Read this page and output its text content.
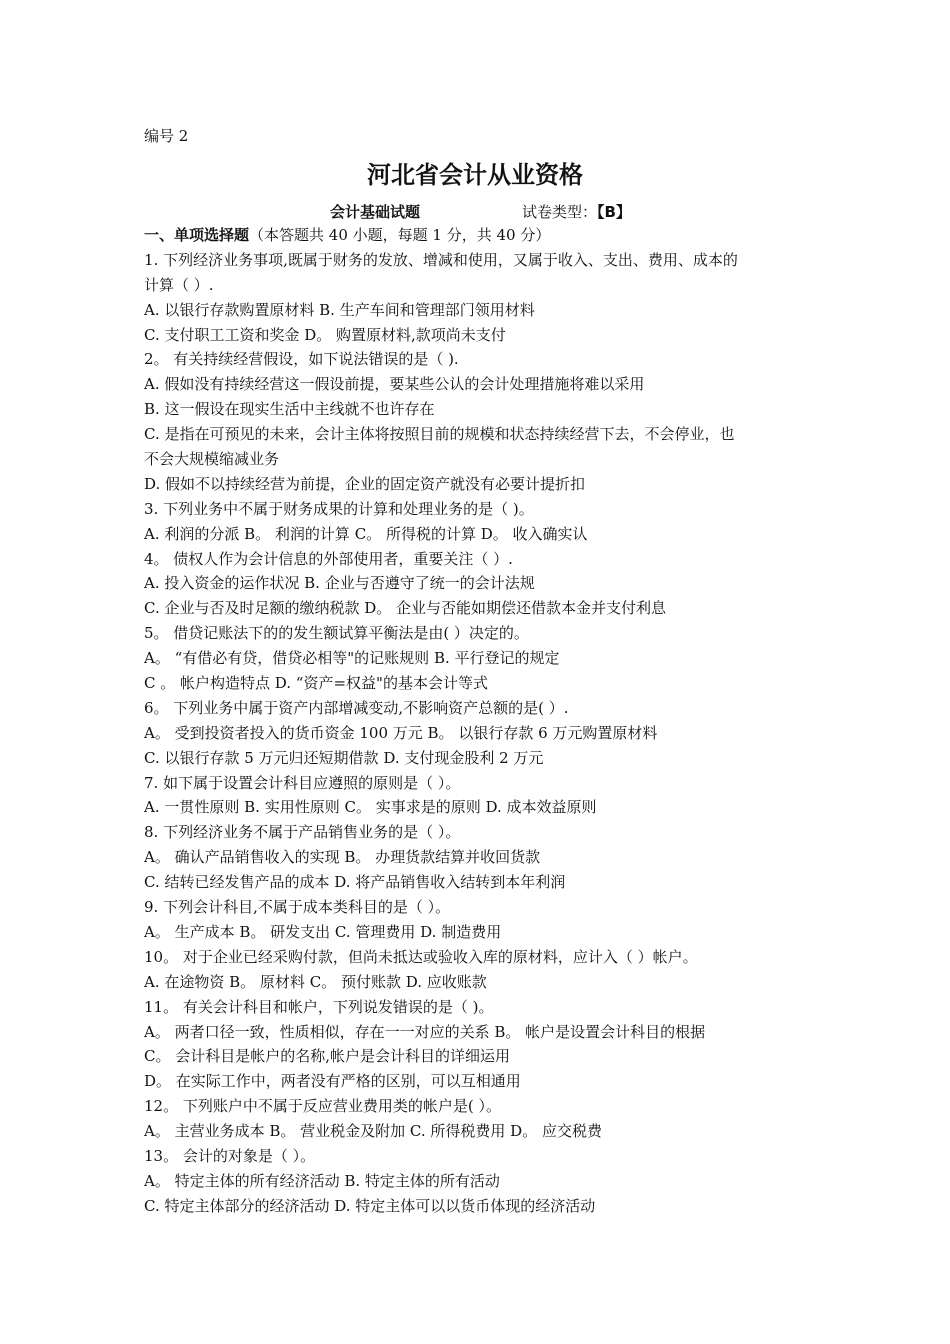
编号 2
河北省会计从业资格
会计基础试题	试卷类型：【B】
一、单项选择题（本答题共 40 小题，每题 1 分，共 40 分）
1. 下列经济业务事项,既属于财务的发放、增减和使用，又属于收入、支出、费用、成本的
计算（ ）.
A. 以银行存款购置原材料 B. 生产车间和管理部门领用材料
C. 支付职工工资和奖金 D。 购置原材料,款项尚未支付
2。 有关持续经营假设，如下说法错误的是（ ).
A. 假如没有持续经营这一假设前提，要某些公认的会计处理措施将难以采用
B. 这一假设在现实生活中主线就不也许存在
C. 是指在可预见的未来，会计主体将按照目前的规模和状态持续经营下去，不会停业，也
不会大规模缩减业务
D. 假如不以持续经营为前提，企业的固定资产就没有必要计提折扣
3. 下列业务中不属于财务成果的计算和处理业务的是（ )。
A. 利润的分派 B。 利润的计算 C。 所得税的计算 D。 收入确实认
4。 债权人作为会计信息的外部使用者，重要关注（ ）.
A. 投入资金的运作状况 B. 企业与否遵守了统一的会计法规
C. 企业与否及时足额的缴纳税款 D。 企业与否能如期偿还借款本金并支付利息
5。 借贷记账法下的的发生额试算平衡法是由( ）决定的。
A。 “有借必有贷，借贷必相等"的记账规则 B. 平行登记的规定
C 。 帐户构造特点 D. “资产=权益"的基本会计等式
6。 下列业务中属于资产内部增减变动,不影响资产总额的是( ）.
A。 受到投资者投入的货币资金 100 万元 B。 以银行存款 6 万元购置原材料
C. 以银行存款 5 万元归还短期借款 D. 支付现金股利 2 万元
7. 如下属于设置会计科目应遵照的原则是（ ）。
A. 一贯性原则 B. 实用性原则 C。 实事求是的原则 D. 成本效益原则
8. 下列经济业务不属于产品销售业务的是（ ）。
A。 确认产品销售收入的实现 B。 办理货款结算并收回货款
C. 结转已经发售产品的成本 D. 将产品销售收入结转到本年利润
9. 下列会计科目,不属于成本类科目的是（ ）。
A。 生产成本 B。 研发支出 C. 管理费用 D. 制造费用
10。 对于企业已经采购付款，但尚未抵达或验收入库的原材料，应计入（ ）帐户。
A. 在途物资 B。 原材料 C。 预付账款 D. 应收账款
11。 有关会计科目和帐户，下列说发错误的是（ )。
A。 两者口径一致，性质相似，存在一一对应的关系 B。 帐户是设置会计科目的根据
C。 会计科目是帐户的名称,帐户是会计科目的详细运用
D。 在实际工作中，两者没有严格的区别，可以互相通用
12。 下列账户中不属于反应营业费用类的帐户是( ）。
A。 主营业务成本 B。 营业税金及附加 C. 所得税费用 D。 应交税费
13。 会计的对象是（ ）。
A。 特定主体的所有经济活动 B. 特定主体的所有活动
C. 特定主体部分的经济活动 D. 特定主体可以以货币体现的经济活动
